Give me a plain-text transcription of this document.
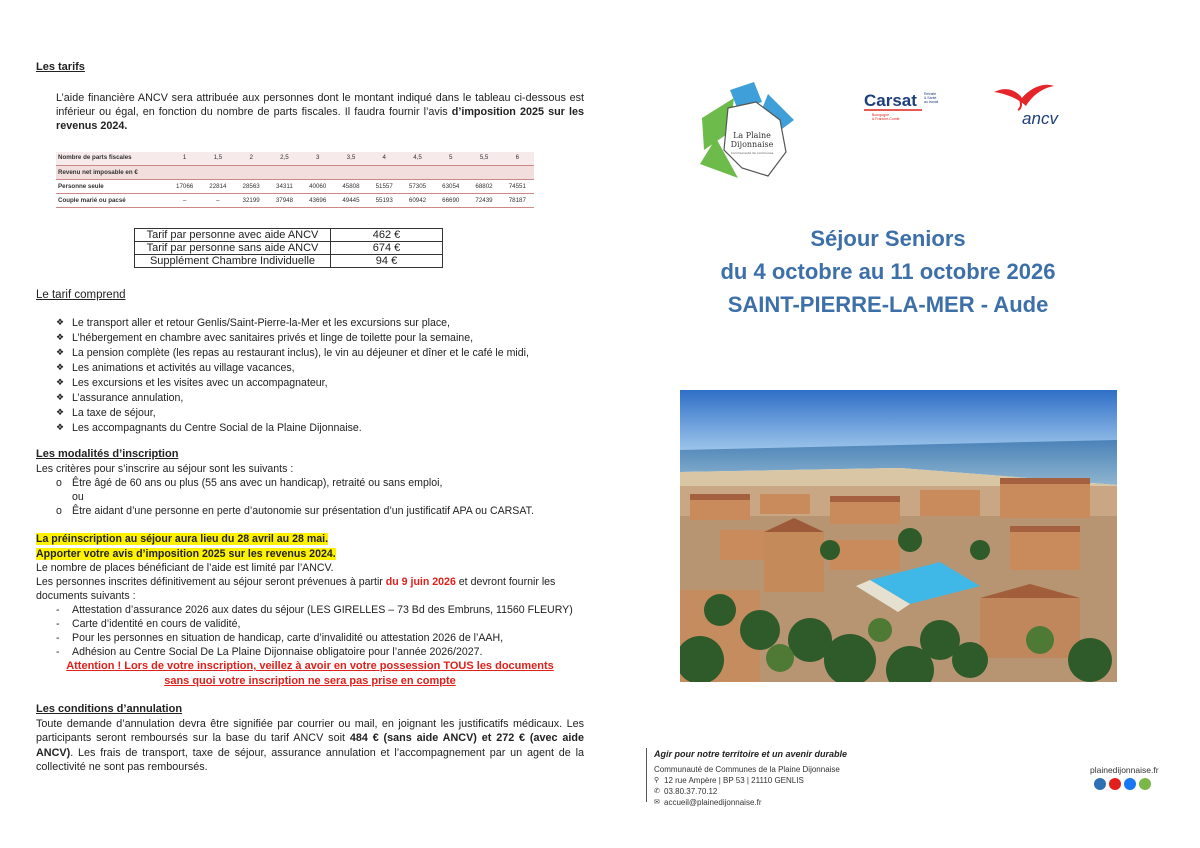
Les tarifs

L’aide financière ANCV sera attribuée aux personnes dont le montant indiqué dans le tableau ci-dessous est inférieur ou égal, en fonction du nombre de parts fiscales. Il faudra fournir l’avis d’imposition 2025 sur les revenus 2024.

Nombre de parts fiscales	1	1,5	2	2,5	3	3,5	4	4,5	5	5,5	6
Revenu net imposable en €											
Personne seule	17066	22814	28563	34311	40060	45808	51557	57305	63054	68802	74551
Couple marié ou pacsé	–	–	32199	37948	43696	49445	55193	60942	66690	72439	78187
Tarif par personne avec aide ANCV	462 €
Tarif par personne sans aide ANCV	674 €
Supplément Chambre Individuelle	94 €
Le tarif comprend
❖ Le transport aller et retour Genlis/Saint-Pierre-la-Mer et les excursions sur place,
❖ L’hébergement en chambre avec sanitaires privés et linge de toilette pour la semaine,
❖ La pension complète (les repas au restaurant inclus), le vin au déjeuner et dîner et le café le midi,
❖ Les animations et activités au village vacances,
❖ Les excursions et les visites avec un accompagnateur,
❖ L’assurance annulation,
❖ La taxe de séjour,
❖ Les accompagnants du Centre Social de la Plaine Dijonnaise.
Les modalités d’inscription
Les critères pour s’inscrire au séjour sont les suivants :
o Être âgé de 60 ans ou plus (55 ans avec un handicap), retraité ou sans emploi,
ou
o Être aidant d’une personne en perte d’autonomie sur présentation d’un justificatif APA ou CARSAT.
La préinscription au séjour aura lieu du 28 avril au 28 mai.
Apporter votre avis d’imposition 2025 sur les revenus 2024.
Le nombre de places bénéficiant de l’aide est limité par l’ANCV.
Les personnes inscrites définitivement au séjour seront prévenues à partir du 9 juin 2026 et devront fournir les documents suivants :
-	Attestation d’assurance 2026 aux dates du séjour (LES GIRELLES – 73 Bd des Embruns, 11560 FLEURY)
-	Carte d’identité en cours de validité,
-	Pour les personnes en situation de handicap, carte d’invalidité ou attestation 2026 de l’AAH,
-	Adhésion au Centre Social De La Plaine Dijonnaise obligatoire pour l’année 2026/2027.
Attention ! Lors de votre inscription, veillez à avoir en votre possession TOUS les documents
sans quoi votre inscription ne sera pas prise en compte
Les conditions d’annulation

Toute demande d’annulation devra être signifiée par courrier ou mail, en joignant les justificatifs médicaux. Les participants seront remboursés sur la base du tarif ANCV soit 484 € (sans aide ANCV) et 272 € (avec aide ANCV). Les frais de transport, taxe de séjour, assurance annulation et l’accompagnement par un agent de la collectivité ne sont pas remboursés.

La Plaine
Dijonnaise
Communauté de communes
Carsat Retraite
& Santé
au travail
Bourgogne
& Franche-Comté	ancv
Séjour Seniors
du 4 octobre au 11 octobre 2026
SAINT-PIERRE-LA-MER - Aude
Agir pour notre territoire et un avenir durable
Communauté de Communes de la Plaine Dijonnaise
⚲ 12 rue Ampère | BP 53 | 21110 GENLIS
✆ 03.80.37.70.12
✉ accueil@plainedijonnaise.fr
plainedijonnaise.fr
